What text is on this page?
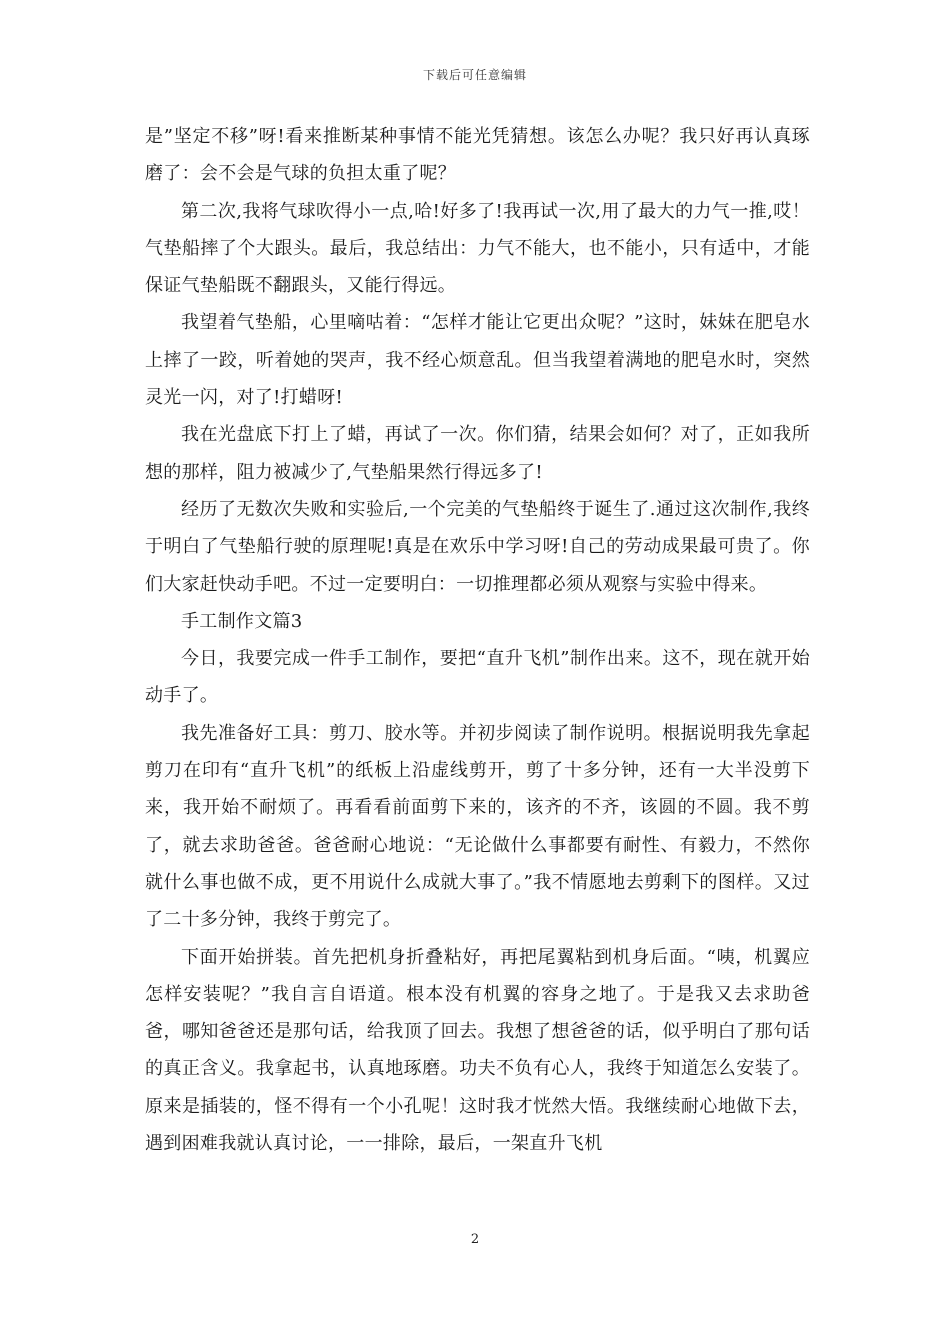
下载后可任意编辑

是”坚定不移”呀!看来推断某种事情不能光凭猜想。该怎么办呢？我只好再认真琢磨了：会不会是气球的负担太重了呢？

第二次,我将气球吹得小一点,哈!好多了!我再试一次,用了最大的力气一推,哎！气垫船摔了个大跟头。最后，我总结出：力气不能大，也不能小，只有适中，才能保证气垫船既不翻跟头，又能行得远。

我望着气垫船，心里嘀咕着：“怎样才能让它更出众呢？”这时，妹妹在肥皂水上摔了一跤，听着她的哭声，我不经心烦意乱。但当我望着满地的肥皂水时，突然灵光一闪，对了!打蜡呀!

我在光盘底下打上了蜡，再试了一次。你们猜，结果会如何？对了，正如我所想的那样，阻力被减少了,气垫船果然行得远多了!

经历了无数次失败和实验后,一个完美的气垫船终于诞生了.通过这次制作,我终于明白了气垫船行驶的原理呢!真是在欢乐中学习呀!自己的劳动成果最可贵了。你们大家赶快动手吧。不过一定要明白：一切推理都必须从观察与实验中得来。

手工制作文篇3

今日，我要完成一件手工制作，要把“直升飞机”制作出来。这不，现在就开始动手了。

我先准备好工具：剪刀、胶水等。并初步阅读了制作说明。根据说明我先拿起剪刀在印有“直升飞机”的纸板上沿虚线剪开，剪了十多分钟，还有一大半没剪下来，我开始不耐烦了。再看看前面剪下来的，该齐的不齐，该圆的不圆。我不剪了，就去求助爸爸。爸爸耐心地说：“无论做什么事都要有耐性、有毅力，不然你就什么事也做不成，更不用说什么成就大事了。”我不情愿地去剪剩下的图样。又过了二十多分钟，我终于剪完了。

下面开始拼装。首先把机身折叠粘好，再把尾翼粘到机身后面。“咦，机翼应怎样安装呢？”我自言自语道。根本没有机翼的容身之地了。于是我又去求助爸爸，哪知爸爸还是那句话，给我顶了回去。我想了想爸爸的话，似乎明白了那句话的真正含义。我拿起书，认真地琢磨。功夫不负有心人，我终于知道怎么安装了。原来是插装的，怪不得有一个小孔呢！这时我才恍然大悟。我继续耐心地做下去，遇到困难我就认真讨论，一一排除，最后，一架直升飞机

2
